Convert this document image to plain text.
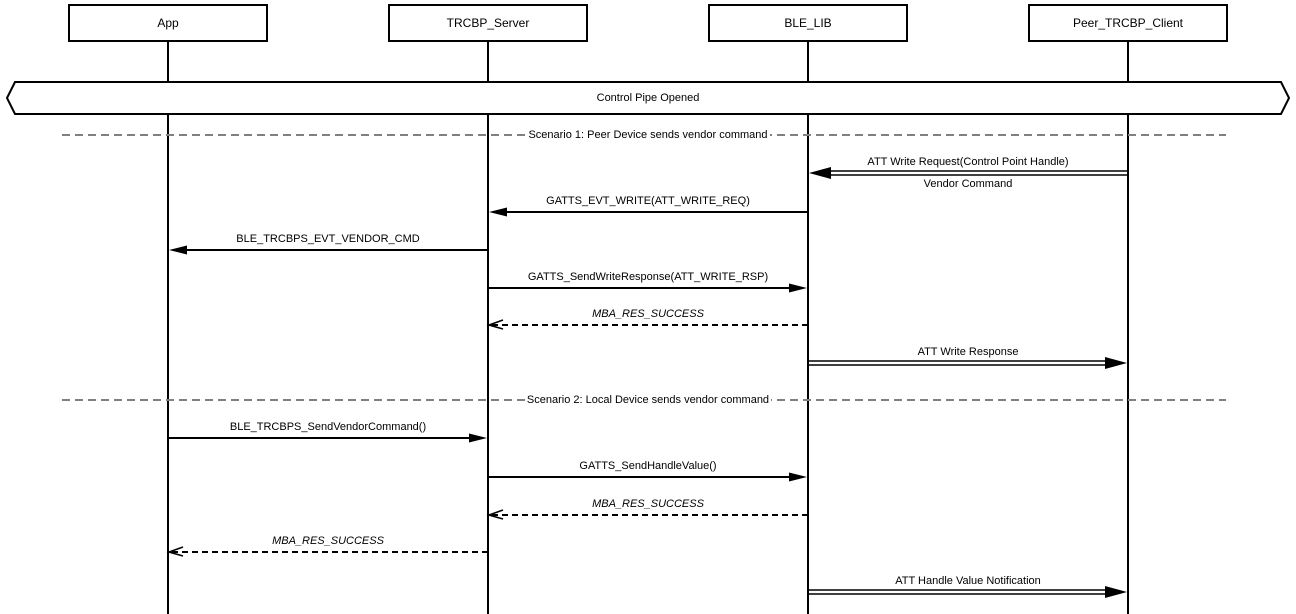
Control Pipe Opened
Scenario 1: Peer Device sends vendor command
Scenario 2: Local Device sends vendor command
ATT Write Request(Control Point Handle)
Vendor Command
GATTS_EVT_WRITE(ATT_WRITE_REQ)
BLE_TRCBPS_EVT_VENDOR_CMD
GATTS_SendWriteResponse(ATT_WRITE_RSP)
MBA_RES_SUCCESS
ATT Write Response
BLE_TRCBPS_SendVendorCommand()
GATTS_SendHandleValue()
MBA_RES_SUCCESS
MBA_RES_SUCCESS
ATT Handle Value Notification
App	TRCBP_Server	BLE_LIB	Peer_TRCBP_Client
